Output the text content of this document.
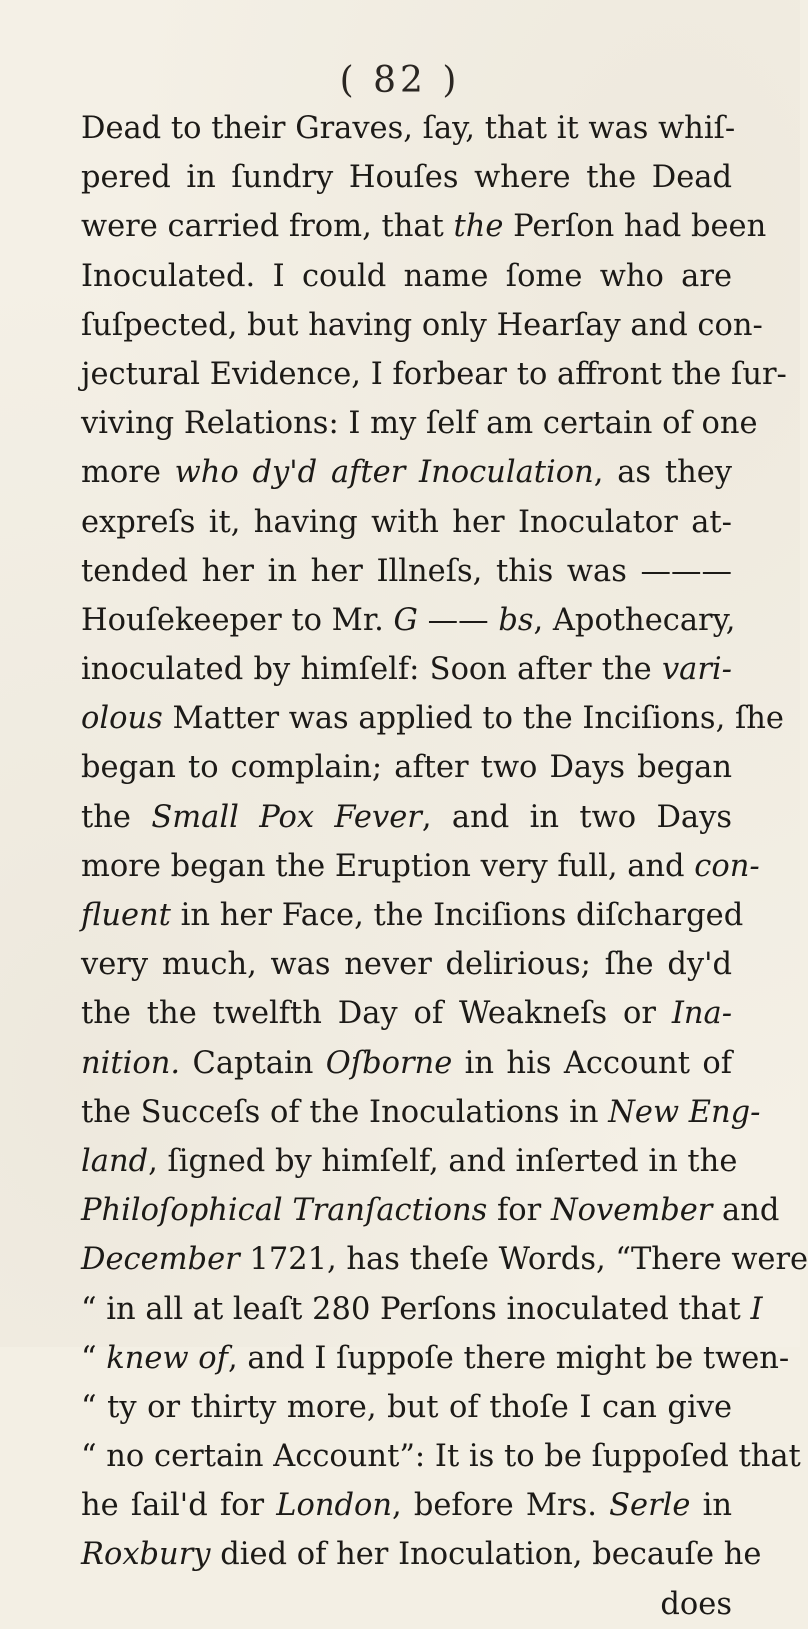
( 82 )
Dead to their Graves, ſay, that it was whiſ-
pered in ſundry Houſes where the Dead
were carried from, that the Perſon had been
Inoculated. I could name ſome who are
ſuſpected, but having only Hearſay and con-
jectural Evidence, I forbear to affront the ſur-
viving Relations: I my ſelf am certain of one
more who dy'd after Inoculation, as they
expreſs it, having with her Inoculator at-
tended her in her Illneſs, this was ———
Houſekeeper to Mr. G —— bs, Apothecary,
inoculated by himſelf: Soon after the vari-
olous Matter was applied to the Inciſions, ſhe
began to complain; after two Days began
the Small Pox Fever, and in two Days
more began the Eruption very full, and con-
fluent in her Face, the Inciſions diſcharged
very much, was never delirious; ſhe dy'd
the the twelfth Day of Weakneſs or Ina-
nition. Captain Oſborne in his Account of
the Succeſs of the Inoculations in New Eng-
land, ſigned by himſelf, and inſerted in the
Philoſophical Tranſactions for November and
December 1721, has theſe Words, “There were
“ in all at leaſt 280 Perſons inoculated that I
“ knew of, and I ſuppoſe there might be twen-
“ ty or thirty more, but of thoſe I can give
“ no certain Account”: It is to be ſuppoſed that
he ſail'd for London, before Mrs. Serle in
Roxbury died of her Inoculation, becauſe he
does
